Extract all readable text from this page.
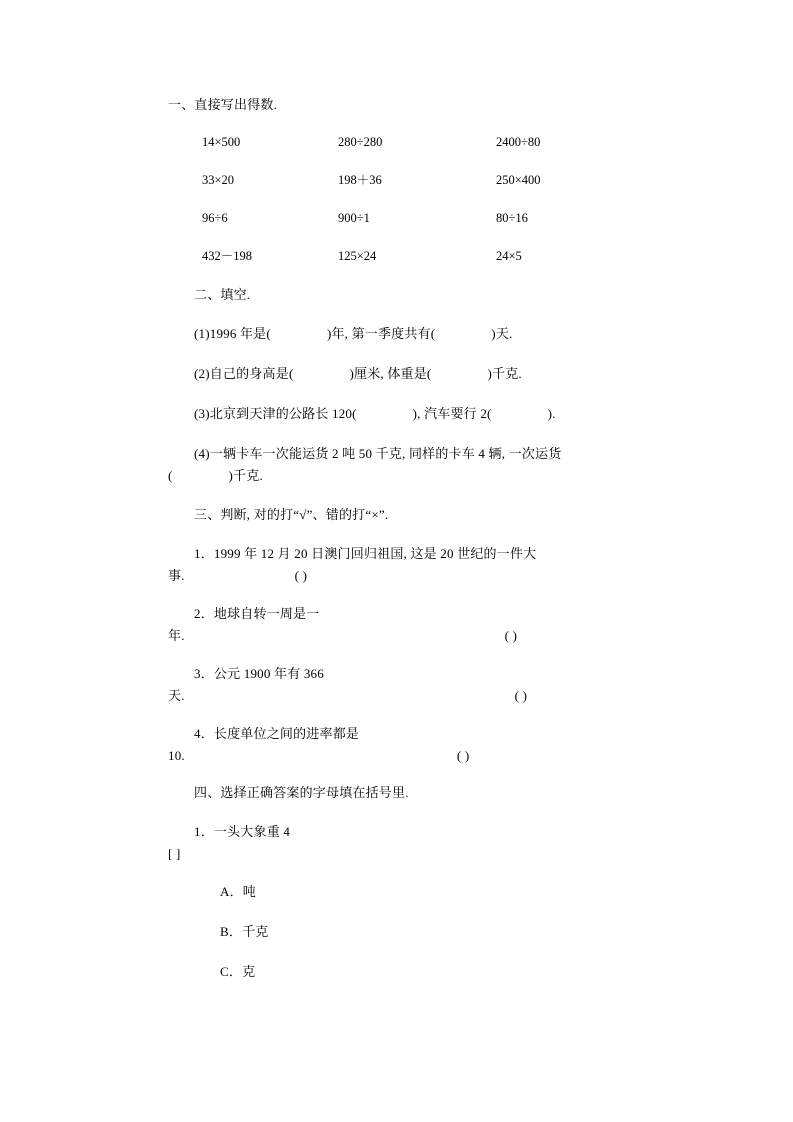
一、直接写出得数.
14×500	280÷280	2400÷80
33×20	198＋36	250×400
96÷6	900÷1	80÷16
432－198	125×24	24×5
二、填空.
(1)1996 年是(	)年, 第一季度共有(	)天.
(2)自己的身高是(	)厘米, 体重是(	)千克.
(3)北京到天津的公路长 120(	), 汽车要行 2(	).
(4)一辆卡车一次能运货 2 吨 50 千克, 同样的卡车 4 辆, 一次运货
(	)千克.
三、判断, 对的打“√”、错的打“×”.
1．1999 年 12 月 20 日澳门回归祖国, 这是 20 世纪的一件大
事.	( )
2．地球自转一周是一
年.	( )
3．公元 1900 年有 366
天.	( )
4．长度单位之间的进率都是
10.	( )
四、选择正确答案的字母填在括号里.
1．一头大象重 4
[ ]
A．吨
B．千克
C．克
